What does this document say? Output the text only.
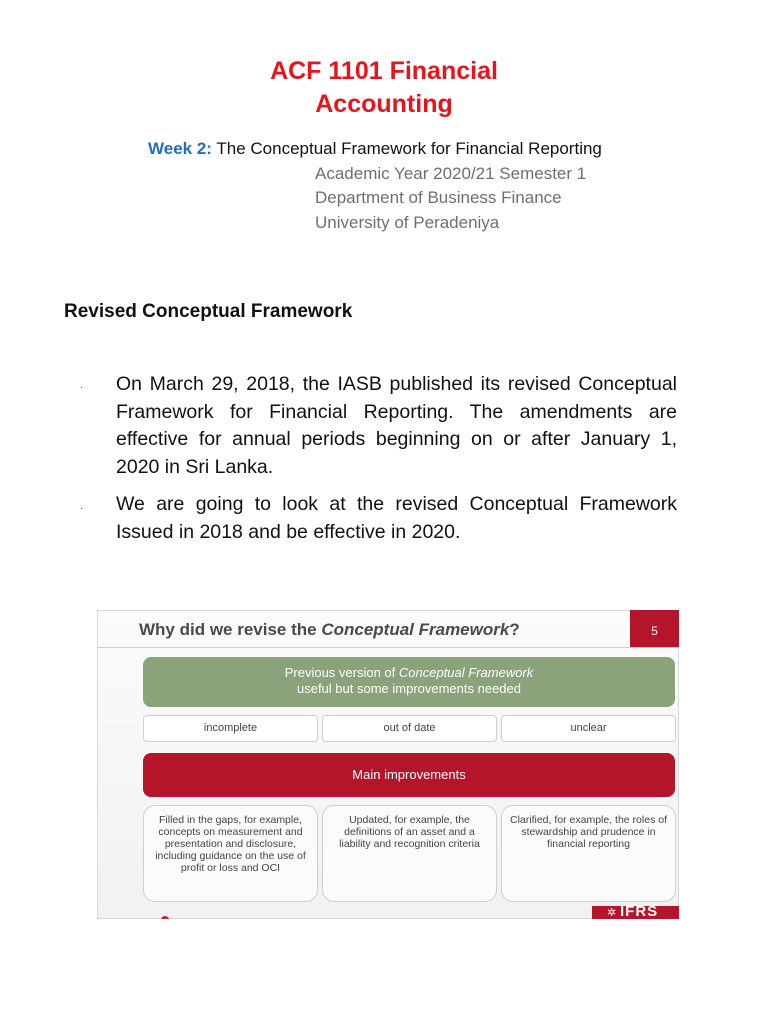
ACF 1101 Financial
Accounting
Week 2: The Conceptual Framework for Financial Reporting
Academic Year 2020/21 Semester 1
Department of Business Finance
University of Peradeniya
Revised Conceptual Framework
· On March 29, 2018, the IASB published its revised Conceptual Framework for Financial Reporting. The amendments are effective for annual periods beginning on or after January 1, 2020 in Sri Lanka.
· We are going to look at the revised Conceptual Framework Issued in 2018 and be effective in 2020.
Why did we revise the Conceptual Framework?	5
Previous version of Conceptual Framework
useful but some improvements needed
incomplete	out of date	unclear
Main improvements
Filled in the gaps, for example, concepts on measurement and presentation and disclosure, including guidance on the use of profit or loss and OCI
Updated, for example, the definitions of an asset and a liability and recognition criteria
Clarified, for example, the roles of stewardship and prudence in financial reporting
✲ IFRS
